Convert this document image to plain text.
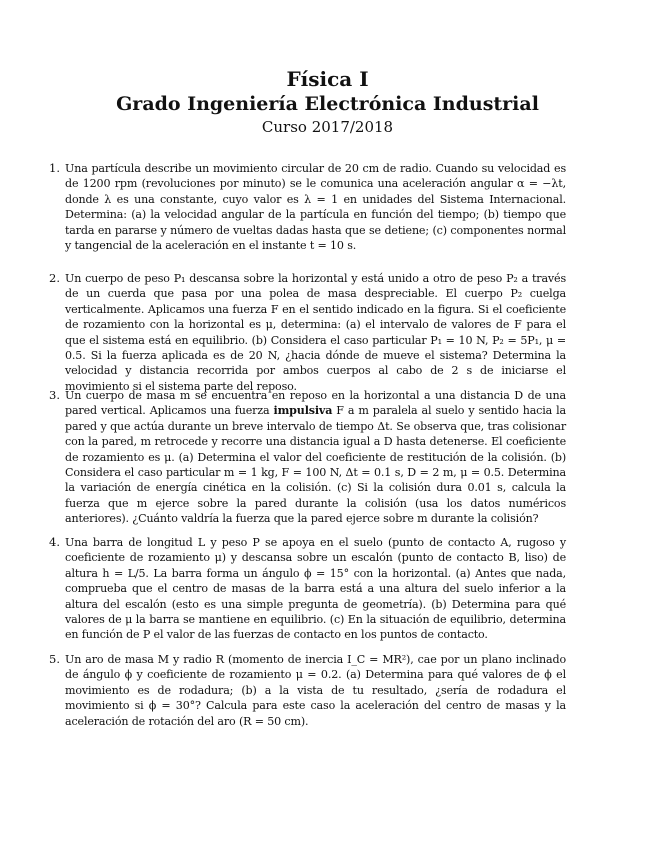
Física I
Grado Ingeniería Electrónica Industrial
Curso 2017/2018
1. Una partícula describe un movimiento circular de 20 cm de radio. Cuando su velocidad es de 1200 rpm (revoluciones por minuto) se le comunica una aceleración angular α = −λt, donde λ es una constante, cuyo valor es λ = 1 en unidades del Sistema Internacional. Determina: (a) la velocidad angular de la partícula en función del tiempo; (b) tiempo que tarda en pararse y número de vueltas dadas hasta que se detiene; (c) componentes normal y tangencial de la aceleración en el instante t = 10 s.

2. Un cuerpo de peso P₁ descansa sobre la horizontal y está unido a otro de peso P₂ a través de un cuerda que pasa por una polea de masa despreciable. El cuerpo P₂ cuelga verticalmente. Aplicamos una fuerza F en el sentido indicado en la figura. Si el coeficiente de rozamiento con la horizontal es μ, determina: (a) el intervalo de valores de F para el que el sistema está en equilibrio. (b) Considera el caso particular P₁ = 10 N, P₂ = 5P₁, μ = 0.5. Si la fuerza aplicada es de 20 N, ¿hacia dónde de mueve el sistema? Determina la velocidad y distancia recorrida por ambos cuerpos al cabo de 2 s de iniciarse el movimiento si el sistema parte del reposo.

3. Un cuerpo de masa m se encuentra en reposo en la horizontal a una distancia D de una pared vertical. Aplicamos una fuerza impulsiva F a m paralela al suelo y sentido hacia la pared y que actúa durante un breve intervalo de tiempo Δt. Se observa que, tras colisionar con la pared, m retrocede y recorre una distancia igual a D hasta detenerse. El coeficiente de rozamiento es μ. (a) Determina el valor del coeficiente de restitución de la colisión. (b) Considera el caso particular m = 1 kg, F = 100 N, Δt = 0.1 s, D = 2 m, μ = 0.5. Determina la variación de energía cinética en la colisión. (c) Si la colisión dura 0.01 s, calcula la fuerza que m ejerce sobre la pared durante la colisión (usa los datos numéricos anteriores). ¿Cuánto valdría la fuerza que la pared ejerce sobre m durante la colisión?

4. Una barra de longitud L y peso P se apoya en el suelo (punto de contacto A, rugoso y coeficiente de rozamiento μ) y descansa sobre un escalón (punto de contacto B, liso) de altura h = L/5. La barra forma un ángulo ϕ = 15° con la horizontal. (a) Antes que nada, comprueba que el centro de masas de la barra está a una altura del suelo inferior a la altura del escalón (esto es una simple pregunta de geometría). (b) Determina para qué valores de μ la barra se mantiene en equilibrio. (c) En la situación de equilibrio, determina en función de P el valor de las fuerzas de contacto en los puntos de contacto.

5. Un aro de masa M y radio R (momento de inercia I_C = MR²), cae por un plano inclinado de ángulo ϕ y coeficiente de rozamiento μ = 0.2. (a) Determina para qué valores de ϕ el movimiento es de rodadura; (b) a la vista de tu resultado, ¿sería de rodadura el movimiento si ϕ = 30°? Calcula para este caso la aceleración del centro de masas y la aceleración de rotación del aro (R = 50 cm).
